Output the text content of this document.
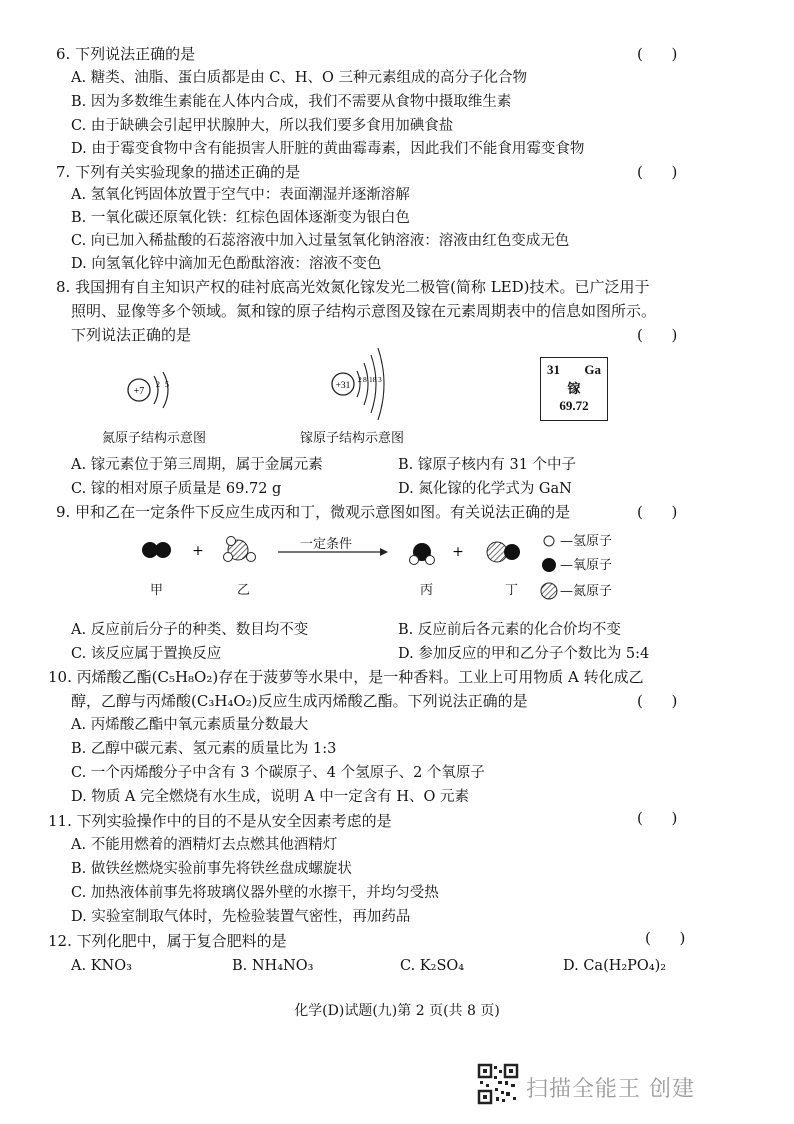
6. 下列说法正确的是	(      )
A. 糖类、油脂、蛋白质都是由 C、H、O 三种元素组成的高分子化合物
B. 因为多数维生素能在人体内合成，我们不需要从食物中摄取维生素
C. 由于缺碘会引起甲状腺肿大，所以我们要多食用加碘食盐
D. 由于霉变食物中含有能损害人肝脏的黄曲霉毒素，因此我们不能食用霉变食物
7. 下列有关实验现象的描述正确的是	(      )
A. 氢氧化钙固体放置于空气中：表面潮湿并逐渐溶解
B. 一氧化碳还原氧化铁：红棕色固体逐渐变为银白色
C. 向已加入稀盐酸的石蕊溶液中加入过量氢氧化钠溶液：溶液由红色变成无色
D. 向氢氧化锌中滴加无色酚酞溶液：溶液不变色
8. 我国拥有自主知识产权的硅衬底高光效氮化镓发光二极管(简称 LED)技术。已广泛用于
照明、显像等多个领域。氮和镓的原子结构示意图及镓在元素周期表中的信息如图所示。
下列说法正确的是	(      )
+7
2 5
氮原子结构示意图
+31
2 8 18 3
镓原子结构示意图
31 Ga
镓
69.72
A. 镓元素位于第三周期，属于金属元素	B. 镓原子核内有 31 个中子
C. 镓的相对原子质量是 69.72 g	D. 氮化镓的化学式为 GaN
9. 甲和乙在一定条件下反应生成丙和丁，微观示意图如图。有关说法正确的是	(      )
+	+
一定条件
甲	乙	丙	丁
—氢原子
—氧原子
—氮原子
A. 反应前后分子的种类、数目均不变	B. 反应前后各元素的化合价均不变
C. 该反应属于置换反应	D. 参加反应的甲和乙分子个数比为 5:4
10. 丙烯酸乙酯(C₅H₈O₂)存在于菠萝等水果中，是一种香料。工业上可用物质 A 转化成乙
醇，乙醇与丙烯酸(C₃H₄O₂)反应生成丙烯酸乙酯。下列说法正确的是	(      )
A. 丙烯酸乙酯中氧元素质量分数最大
B. 乙醇中碳元素、氢元素的质量比为 1:3
C. 一个丙烯酸分子中含有 3 个碳原子、4 个氢原子、2 个氧原子
D. 物质 A 完全燃烧有水生成，说明 A 中一定含有 H、O 元素
11. 下列实验操作中的目的不是从安全因素考虑的是	(      )
A. 不能用燃着的酒精灯去点燃其他酒精灯
B. 做铁丝燃烧实验前事先将铁丝盘成螺旋状
C. 加热液体前事先将玻璃仪器外壁的水擦干，并均匀受热
D. 实验室制取气体时，先检验装置气密性，再加药品
12. 下列化肥中，属于复合肥料的是	(      )
A. KNO₃	B. NH₄NO₃	C. K₂SO₄	D. Ca(H₂PO₄)₂
化学(D)试题(九)第 2 页(共 8 页)
扫描全能王 创建
